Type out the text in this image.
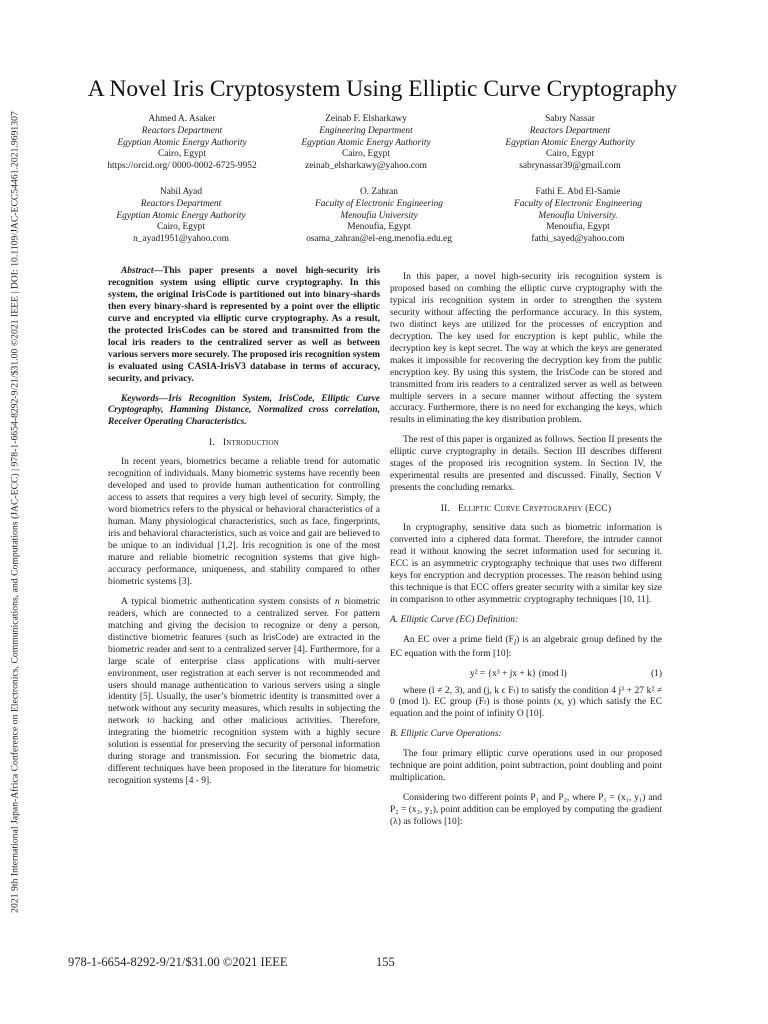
2021 9th International Japan-Africa Conference on Electronics, Communications, and Computations (JAC-ECC) | 978-1-6654-8292-9/21/$31.00 ©2021 IEEE | DOI: 10.1109/JAC-ECC54461.2021.9691307
A Novel Iris Cryptosystem Using Elliptic Curve Cryptography
Ahmed A. Asaker
Reactors Department
Egyptian Atomic Energy Authority
Cairo, Egypt
https://orcid.org/ 0000-0002-6725-9952
Zeinab F. Elsharkawy
Engineering Department
Egyptian Atomic Energy Authority
Cairo, Egypt
zeinab_elsharkawy@yahoo.com
Sabry Nassar
Reactors Department
Egyptian Atomic Energy Authority
Cairo, Egypt
sabrynassar39@gmail.com
Nabil Ayad
Reactors Department
Egyptian Atomic Energy Authority
Cairo, Egypt
n_ayad1951@yahoo.com
O. Zahran
Faculty of Electronic Engineering
Menoufia University
Menoufia, Egypt
osama_zahran@el-eng.menofia.edu.eg
Fathi E. Abd El-Samie
Faculty of Electronic Engineering
Menoufia University.
Menoufia, Egypt
fathi_sayed@yahoo.com

Abstract—This paper presents a novel high-security iris recognition system using elliptic curve cryptography. In this system, the original IrisCode is partitioned out into binary-shards then every binary-shard is represented by a point over the elliptic curve and encrypted via elliptic curve cryptography. As a result, the protected IrisCodes can be stored and transmitted from the local iris readers to the centralized server as well as between various servers more securely. The proposed iris recognition system is evaluated using CASIA-IrisV3 database in terms of accuracy, security, and privacy.

Keywords—Iris Recognition System, IrisCode, Elliptic Curve Cryptography, Hamming Distance, Normalized cross correlation, Receiver Operating Characteristics.

I. Introduction

In recent years, biometrics became a reliable trend for automatic recognition of individuals. Many biometric systems have recently been developed and used to provide human authentication for controlling access to assets that requires a very high level of security. Simply, the word biometrics refers to the physical or behavioral characteristics of a human. Many physiological characteristics, such as face, fingerprints, iris and behavioral characteristics, such as voice and gait are believed to be unique to an individual [1,2]. Iris recognition is one of the most mature and reliable biometric recognition systems that give high-accuracy performance, uniqueness, and stability compared to other biometric systems [3].

A typical biometric authentication system consists of n biometric readers, which are connected to a centralized server. For pattern matching and giving the decision to recognize or deny a person, distinctive biometric features (such as IrisCode) are extracted in the biometric reader and sent to a centralized server [4]. Furthermore, for a large scale of enterprise class applications with multi-server environment, user registration at each server is not recommended and users should manage authentication to various servers using a single identity [5]. Usually, the user’s biometric identity is transmitted over a network without any security measures, which results in subjecting the network to hacking and other malicious activities. Therefore, integrating the biometric recognition system with a highly secure solution is essential for preserving the security of personal information during storage and transmission. For securing the biometric data, different techniques have been proposed in the literature for biometric recognition systems [4 - 9].

In this paper, a novel high-security iris recognition system is proposed based on combing the elliptic curve cryptography with the typical iris recognition system in order to strengthen the system security without affecting the performance accuracy. In this system, two distinct keys are utilized for the processes of encryption and decryption. The key used for encryption is kept public, while the decryption key is kept secret. The way at which the keys are generated makes it impossible for recovering the decryption key from the public encryption key. By using this system, the IrisCode can be stored and transmitted from iris readers to a centralized server as well as between multiple servers in a secure manner without affecting the system accuracy. Furthermore, there is no need for exchanging the keys, which results in eliminating the key distribution problem.

The rest of this paper is organized as follows. Section II presents the elliptic curve cryptography in details. Section III describes different stages of the proposed iris recognition system. In Section IV, the experimental results are presented and discussed. Finally, Section V presents the concluding remarks.

II. Elliptic Curve Cryptography (ECC)

In cryptography, sensitive data such as biometric information is converted into a ciphered data format. Therefore, the intruder cannot read it without knowing the secret information used for securing it. ECC is an asymmetric cryptography technique that uses two different keys for encryption and decryption processes. The reason behind using this technique is that ECC offers greater security with a similar key size in comparison to other asymmetric cryptography techniques [10, 11].

A. Elliptic Curve (EC) Definition:

An EC over a prime field $(F_l)$ is an algebraic group defined by the EC equation with the form [10]:

y² = {x³ + jx + k} (mod l)	(1)

where (l ≠ 2, 3), and (j, k ϵ Fₗ) to satisfy the condition 4 j³ + 27 k² ≠ 0 (mod l). EC group (Fₗ) is those points (x, y) which satisfy the EC equation and the point of infinity O [10].

B. Elliptic Curve Operations:

The four primary elliptic curve operations used in our proposed technique are point addition, point subtraction, point doubling and point multiplication.

Considering two different points P₁ and P₂, where P₁ = (x₁, y₁) and P₂ = (x₂, y₂), point addition can be employed by computing the gradient (λ) as follows [10]:

978-1-6654-8292-9/21/$31.00 ©2021 IEEE	155
